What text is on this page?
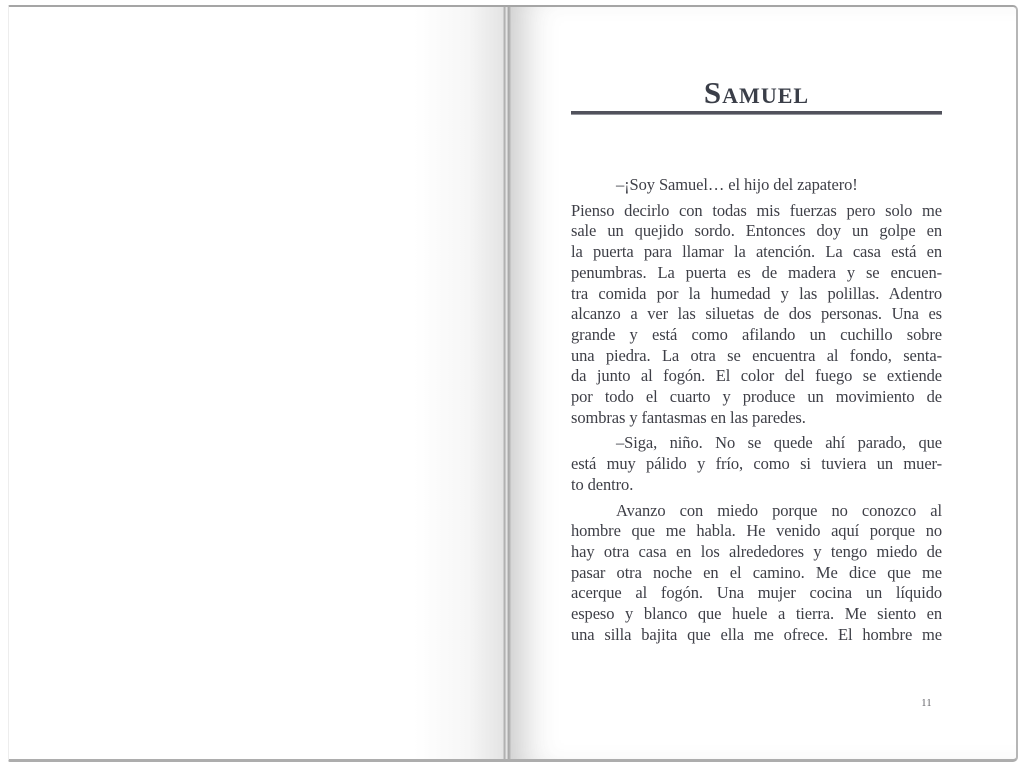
Samuel
–¡Soy Samuel… el hijo del zapatero!
Pienso decirlo con todas mis fuerzas pero solo me
sale un quejido sordo. Entonces doy un golpe en
la puerta para llamar la atención. La casa está en
penumbras. La puerta es de madera y se encuen-
tra comida por la humedad y las polillas. Adentro
alcanzo a ver las siluetas de dos personas. Una es
grande y está como afilando un cuchillo sobre
una piedra. La otra se encuentra al fondo, senta-
da junto al fogón. El color del fuego se extiende
por todo el cuarto y produce un movimiento de
sombras y fantasmas en las paredes.
–Siga, niño. No se quede ahí parado, que
está muy pálido y frío, como si tuviera un muer-
to dentro.
Avanzo con miedo porque no conozco al
hombre que me habla. He venido aquí porque no
hay otra casa en los alrededores y tengo miedo de
pasar otra noche en el camino. Me dice que me
acerque al fogón. Una mujer cocina un líquido
espeso y blanco que huele a tierra. Me siento en
una silla bajita que ella me ofrece. El hombre me
11
